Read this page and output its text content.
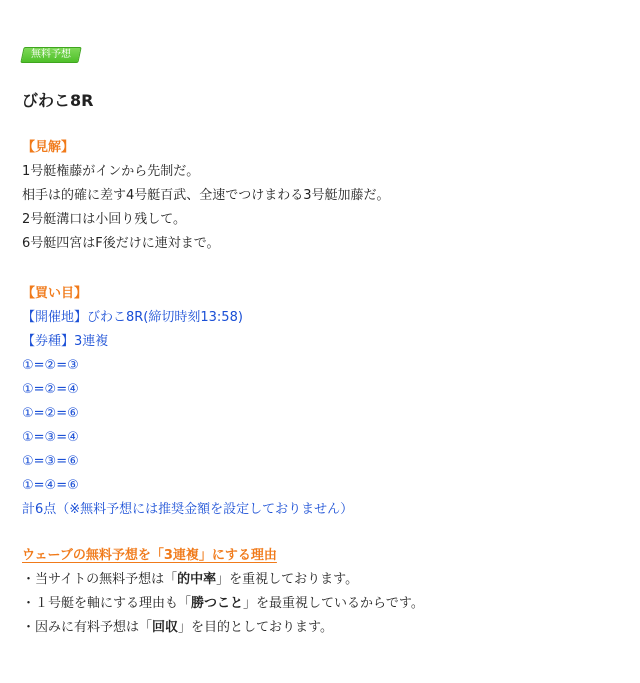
無料予想
びわこ8R
【見解】
1号艇権藤がインから先制だ。
相手は的確に差す4号艇百武、全速でつけまわる3号艇加藤だ。
2号艇溝口は小回り残して。
6号艇四宮はF後だけに連対まで。
【買い目】
【開催地】びわこ8R(締切時刻13:58)
【券種】3連複
①=②=③
①=②=④
①=②=⑥
①=③=④
①=③=⑥
①=④=⑥
計6点（※無料予想には推奨金額を設定しておりません）
ウェーブの無料予想を「3連複」にする理由
・当サイトの無料予想は「的中率」を重視しております。
・１号艇を軸にする理由も「勝つこと」を最重視しているからです。
・因みに有料予想は「回収」を目的としております。
